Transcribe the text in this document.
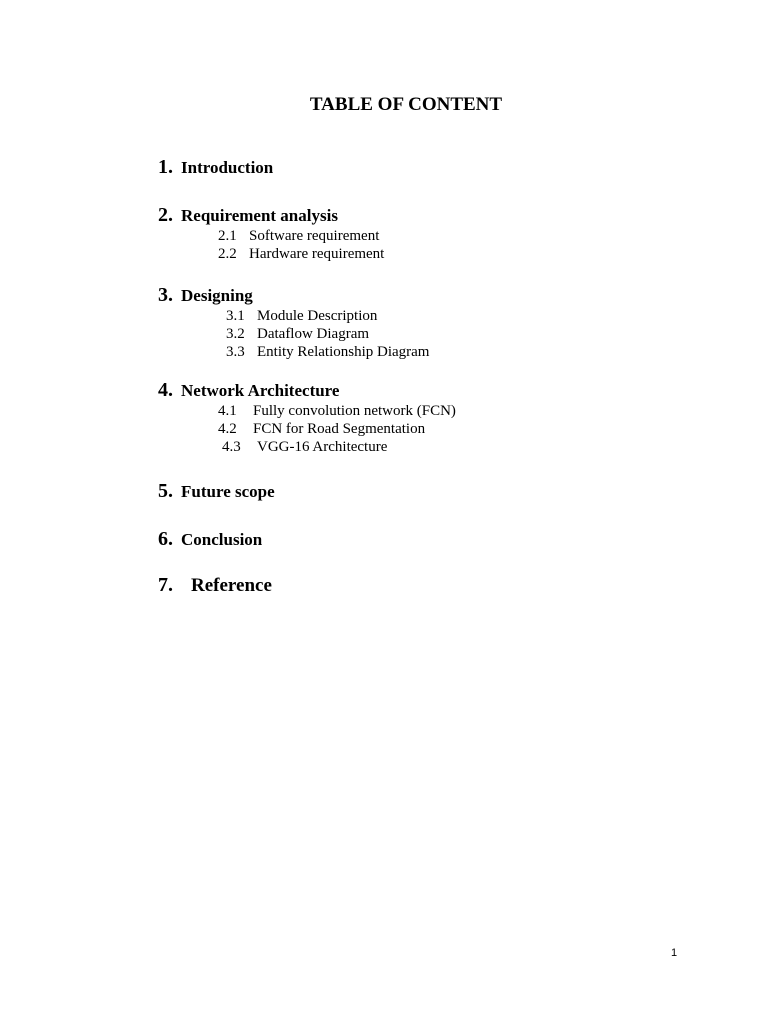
TABLE OF CONTENT
1. Introduction
2. Requirement analysis
2.1 Software requirement
2.2 Hardware requirement
3. Designing
3.1 Module Description
3.2 Dataflow Diagram
3.3 Entity Relationship Diagram
4. Network Architecture
4.1 Fully convolution network (FCN)
4.2 FCN for Road Segmentation
4.3 VGG-16 Architecture
5. Future scope
6. Conclusion
7. Reference
1
